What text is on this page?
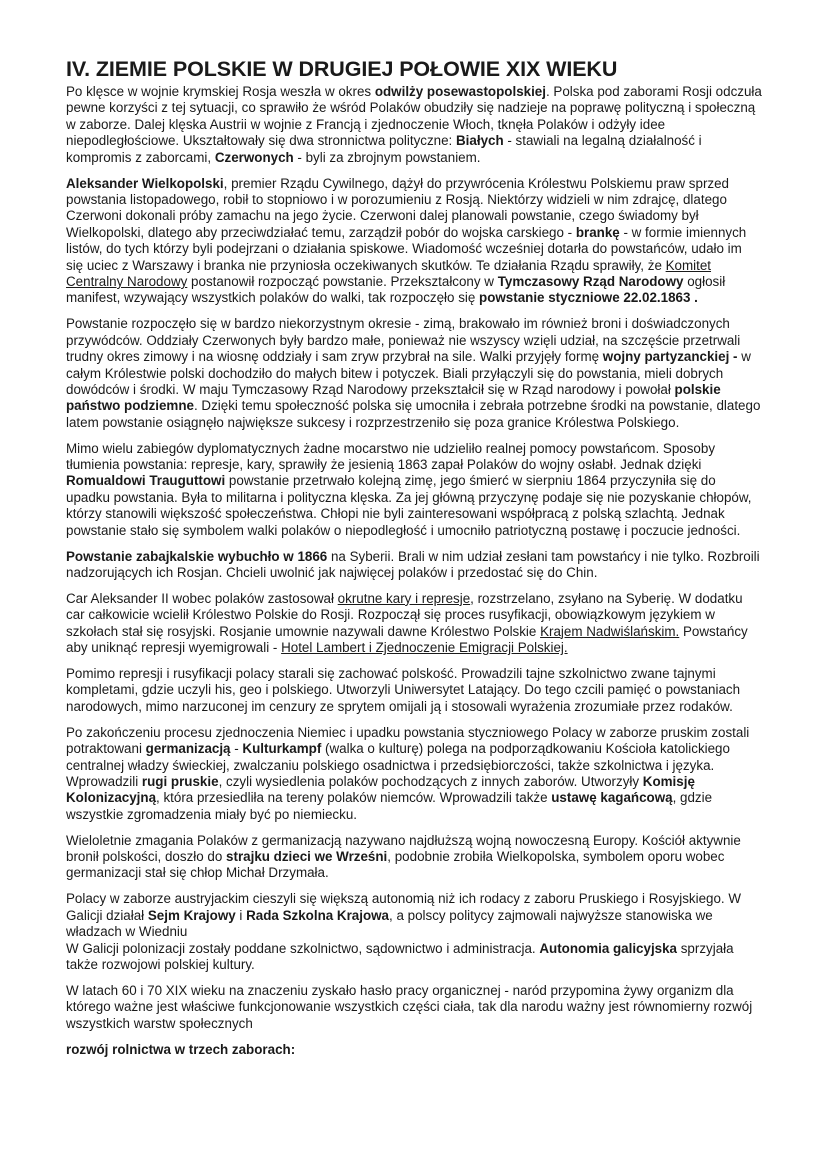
IV. ZIEMIE POLSKIE W DRUGIEJ POŁOWIE XIX WIEKU

Po klęsce w wojnie krymskiej Rosja weszła w okres odwilży posewastopolskiej. Polska pod zaborami Rosji odczuła pewne korzyści z tej sytuacji, co sprawiło że wśród Polaków obudziły się nadzieje na poprawę polityczną i społeczną w zaborze. Dalej klęska Austrii w wojnie z Francją i zjednoczenie Włoch, tknęła Polaków i odżyły idee niepodległościowe. Ukształtowały się dwa stronnictwa polityczne: Białych - stawiali na legalną działalność i kompromis z zaborcami, Czerwonych - byli za zbrojnym powstaniem.

Aleksander Wielkopolski, premier Rządu Cywilnego, dążył do przywrócenia Królestwu Polskiemu praw sprzed powstania listopadowego, robił to stopniowo i w porozumieniu z Rosją. Niektórzy widzieli w nim zdrajcę, dlatego Czerwoni dokonali próby zamachu na jego życie. Czerwoni dalej planowali powstanie, czego świadomy był Wielkopolski, dlatego aby przeciwdziałać temu, zarządził pobór do wojska carskiego - brankę - w formie imiennych listów, do tych którzy byli podejrzani o działania spiskowe. Wiadomość wcześniej dotarła do powstańców, udało im się uciec z Warszawy i branka nie przyniosła oczekiwanych skutków. Te działania Rządu sprawiły, że Komitet Centralny Narodowy postanowił rozpocząć powstanie. Przekształcony w Tymczasowy Rząd Narodowy ogłosił manifest, wzywający wszystkich polaków do walki, tak rozpoczęło się powstanie styczniowe 22.02.1863 .

Powstanie rozpoczęło się w bardzo niekorzystnym okresie - zimą, brakowało im również broni i doświadczonych przywódców. Oddziały Czerwonych były bardzo małe, ponieważ nie wszyscy wzięli udział, na szczęście przetrwali trudny okres zimowy i na wiosnę oddziały i sam zryw przybrał na sile. Walki przyjęły formę wojny partyzanckiej - w całym Królestwie polski dochodziło do małych bitew i potyczek. Biali przyłączyli się do powstania, mieli dobrych dowódców i środki. W maju Tymczasowy Rząd Narodowy przekształcił się w Rząd narodowy i powołał polskie państwo podziemne. Dzięki temu społeczność polska się umocniła i zebrała potrzebne środki na powstanie, dlatego latem powstanie osiągnęło największe sukcesy i rozprzestrzeniło się poza granice Królestwa Polskiego.

Mimo wielu zabiegów dyplomatycznych żadne mocarstwo nie udzieliło realnej pomocy powstańcom. Sposoby tłumienia powstania: represje, kary, sprawiły że jesienią 1863 zapał Polaków do wojny osłabł. Jednak dzięki Romualdowi Trauguttowi powstanie przetrwało kolejną zimę, jego śmierć w sierpniu 1864 przyczyniła się do upadku powstania. Była to militarna i polityczna klęska. Za jej główną przyczynę podaje się nie pozyskanie chłopów, którzy stanowili większość społeczeństwa. Chłopi nie byli zainteresowani współpracą z polską szlachtą. Jednak powstanie stało się symbolem walki polaków o niepodległość i umocniło patriotyczną postawę i poczucie jedności.

Powstanie zabajkalskie wybuchło w 1866 na Syberii. Brali w nim udział zesłani tam powstańcy i nie tylko. Rozbroili nadzorujących ich Rosjan. Chcieli uwolnić jak najwięcej polaków i przedostać się do Chin.

Car Aleksander II wobec polaków zastosował okrutne kary i represje, rozstrzelano, zsyłano na Syberię. W dodatku car całkowicie wcielił Królestwo Polskie do Rosji. Rozpoczął się proces rusyfikacji, obowiązkowym językiem w szkołach stał się rosyjski. Rosjanie umownie nazywali dawne Królestwo Polskie Krajem Nadwiślańskim. Powstańcy aby uniknąć represji wyemigrowali - Hotel Lambert i Zjednoczenie Emigracji Polskiej.

Pomimo represji i rusyfikacji polacy starali się zachować polskość. Prowadzili tajne szkolnictwo zwane tajnymi kompletami, gdzie uczyli his, geo i polskiego. Utworzyli Uniwersytet Latający. Do tego czcili pamięć o powstaniach narodowych, mimo narzuconej im cenzury ze sprytem omijali ją i stosowali wyrażenia zrozumiałe przez rodaków.

Po zakończeniu procesu zjednoczenia Niemiec i upadku powstania styczniowego Polacy w zaborze pruskim zostali potraktowani germanizacją - Kulturkampf (walka o kulturę) polega na podporządkowaniu Kościoła katolickiego centralnej władzy świeckiej, zwalczaniu polskiego osadnictwa i przedsiębiorczości, także szkolnictwa i języka. Wprowadzili rugi pruskie, czyli wysiedlenia polaków pochodzących z innych zaborów. Utworzyły Komisję Kolonizacyjną, która przesiedliła na tereny polaków niemców. Wprowadzili także ustawę kagańcową, gdzie wszystkie zgromadzenia miały być po niemiecku.

Wieloletnie zmagania Polaków z germanizacją nazywano najdłuższą wojną nowoczesną Europy. Kościół aktywnie bronił polskości, doszło do strajku dzieci we Wrześni, podobnie zrobiła Wielkopolska, symbolem oporu wobec germanizacji stał się chłop Michał Drzymała.

Polacy w zaborze austryjackim cieszyli się większą autonomią niż ich rodacy z zaboru Pruskiego i Rosyjskiego. W Galicji działał Sejm Krajowy i Rada Szkolna Krajowa, a polscy politycy zajmowali najwyższe stanowiska we władzach w Wiedniu
W Galicji polonizacji zostały poddane szkolnictwo, sądownictwo i administracja. Autonomia galicyjska sprzyjała także rozwojowi polskiej kultury.

W latach 60 i 70 XIX wieku na znaczeniu zyskało hasło pracy organicznej - naród przypomina żywy organizm dla którego ważne jest właściwe funkcjonowanie wszystkich części ciała, tak dla narodu ważny jest równomierny rozwój wszystkich warstw społecznych

rozwój rolnictwa w trzech zaborach:
